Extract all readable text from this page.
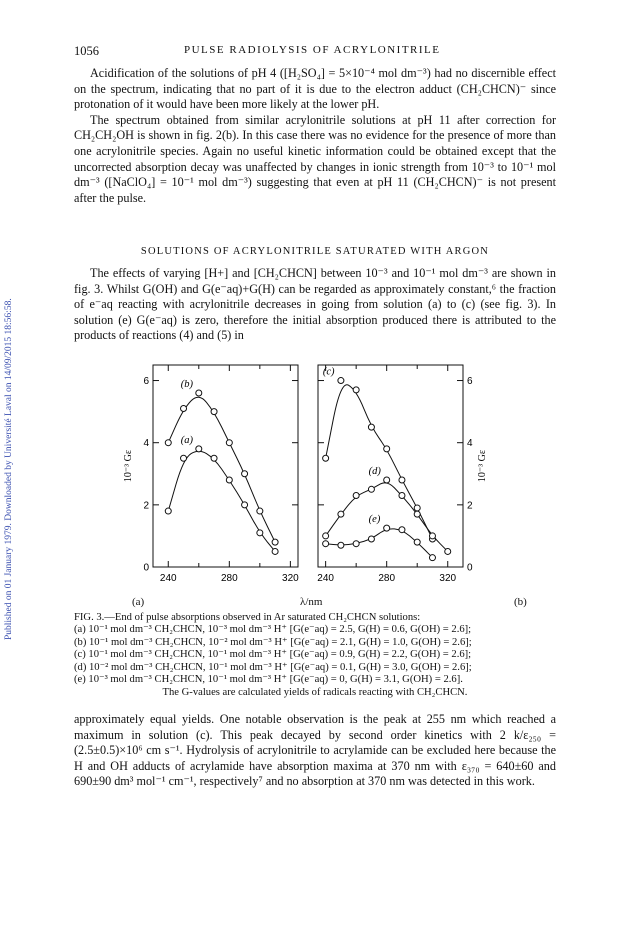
Published on 01 January 1979. Downloaded by Université Laval on 14/09/2015 18:56:58.
1056	PULSE RADIOLYSIS OF ACRYLONITRILE

Acidification of the solutions of pH 4 ([H₂SO₄] = 5×10⁻⁴ mol dm⁻³) had no discernible effect on the spectrum, indicating that no part of it is due to the electron adduct (CH₂CHCN)⁻ since protonation of it would have been more likely at the lower pH.

The spectrum obtained from similar acrylonitrile solutions at pH 11 after correction for CH₂CH₂OH is shown in fig. 2(b). In this case there was no evidence for the presence of more than one acrylonitrile species. Again no useful kinetic information could be obtained except that the uncorrected absorption decay was unaffected by changes in ionic strength from 10⁻³ to 10⁻¹ mol dm⁻³ ([NaClO₄] = 10⁻¹ mol dm⁻³) suggesting that even at pH 11 (CH₂CHCN)⁻ is not present after the pulse.

SOLUTIONS OF ACRYLONITRILE SATURATED WITH ARGON

The effects of varying [H+] and [CH₂CHCN] between 10⁻³ and 10⁻¹ mol dm⁻³ are shown in fig. 3. Whilst G(OH) and G(e⁻aq)+G(H) can be regarded as approximately constant,⁶ the fraction of e⁻aq reacting with acrylonitrile decreases in going from solution (a) to (c) (see fig. 3). In solution (e) G(e⁻aq) is zero, therefore the initial absorption produced there is attributed to the products of reactions (4) and (5) in

240	280	320
0
2
4
6
10⁻³ Gε
(b)
(a)
240	280	320
0
2
4
6
10⁻³ Gε
(c)
(d)
(e)
(a)	λ/nm	(b)
FIG. 3.—End of pulse absorptions observed in Ar saturated CH₂CHCN solutions:
(a) 10⁻¹ mol dm⁻³ CH₂CHCN, 10⁻³ mol dm⁻³ H⁺ [G(e⁻aq) = 2.5, G(H) = 0.6, G(OH) = 2.6];
(b) 10⁻¹ mol dm⁻³ CH₂CHCN, 10⁻² mol dm⁻³ H⁺ [G(e⁻aq) = 2.1, G(H) = 1.0, G(OH) = 2.6];
(c) 10⁻¹ mol dm⁻³ CH₂CHCN, 10⁻¹ mol dm⁻³ H⁺ [G(e⁻aq) = 0.9, G(H) = 2.2, G(OH) = 2.6];
(d) 10⁻² mol dm⁻³ CH₂CHCN, 10⁻¹ mol dm⁻³ H⁺ [G(e⁻aq) = 0.1, G(H) = 3.0, G(OH) = 2.6];
(e) 10⁻³ mol dm⁻³ CH₂CHCN, 10⁻¹ mol dm⁻³ H⁺ [G(e⁻aq) = 0, G(H) = 3.1, G(OH) = 2.6].
The G-values are calculated yields of radicals reacting with CH₂CHCN.

approximately equal yields. One notable observation is the peak at 255 nm which reached a maximum in solution (c). This peak decayed by second order kinetics with 2 k/ε₂₅₀ = (2.5±0.5)×10⁶ cm s⁻¹. Hydrolysis of acrylonitrile to acrylamide can be excluded here because the H and OH adducts of acrylamide have absorption maxima at 370 nm with ε₃₇₀ = 640±60 and 690±90 dm³ mol⁻¹ cm⁻¹, respectively⁷ and no absorption at 370 nm was detected in this work.
